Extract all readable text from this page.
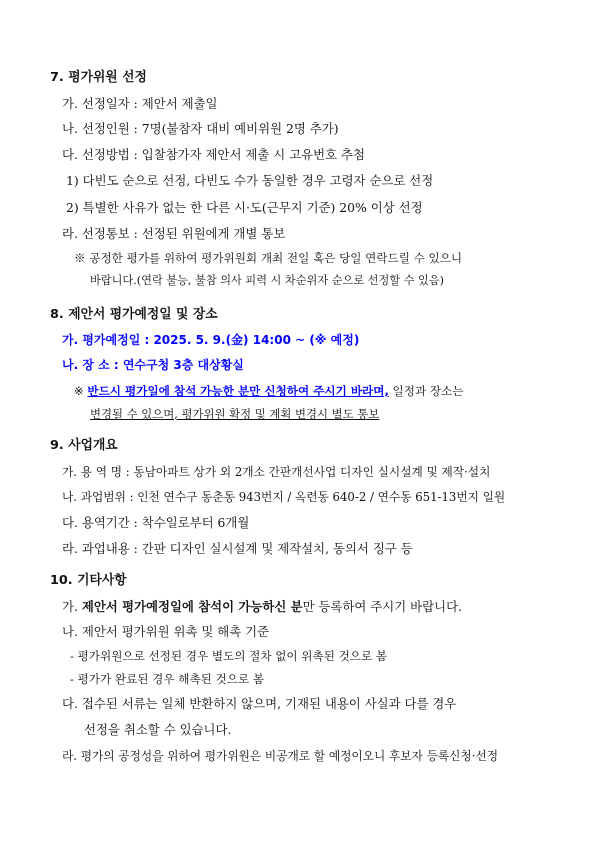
7. 평가위원 선정
가. 선정일자 : 제안서 제출일
나. 선정인원 : 7명(불참자 대비 예비위원 2명 추가)
다. 선정방법 : 입찰참가자 제안서 제출 시 고유번호 추첨
1) 다빈도 순으로 선정, 다빈도 수가 동일한 경우 고령자 순으로 선정
2) 특별한 사유가 없는 한 다른 시·도(근무지 기준) 20% 이상 선정
라. 선정통보 : 선정된 위원에게 개별 통보
※ 공정한 평가를 위하여 평가위원회 개최 전일 혹은 당일 연락드릴 수 있으니
바랍니다.(연락 불능, 불참 의사 피력 시 차순위자 순으로 선정할 수 있음)
8. 제안서 평가예정일 및 장소
가. 평가예정일 : 2025. 5. 9.(金) 14:00 ~ (※ 예정)
나. 장 소 : 연수구청 3층 대상황실
※ 반드시 평가일에 참석 가능한 분만 신청하여 주시기 바라며, 일정과 장소는
변경될 수 있으며, 평가위원 확정 및 계획 변경시 별도 통보
9. 사업개요
가. 용 역 명 : 동남아파트 상가 외 2개소 간판개선사업 디자인 실시설계 및 제작·설치
나. 과업범위 : 인천 연수구 동춘동 943번지 / 옥련동 640-2 / 연수동 651-13번지 일원
다. 용역기간 : 착수일로부터 6개월
라. 과업내용 : 간판 디자인 실시설계 및 제작설치, 동의서 징구 등
10. 기타사항
가. 제안서 평가예정일에 참석이 가능하신 분만 등록하여 주시기 바랍니다.
나. 제안서 평가위원 위촉 및 해촉 기준
- 평가위원으로 선정된 경우 별도의 절차 없이 위촉된 것으로 봄
- 평가가 완료된 경우 해촉된 것으로 봄
다. 접수된 서류는 일체 반환하지 않으며, 기재된 내용이 사실과 다를 경우
선정을 취소할 수 있습니다.
라. 평가의 공정성을 위하여 평가위원은 비공개로 할 예정이오니 후보자 등록신청·선정
